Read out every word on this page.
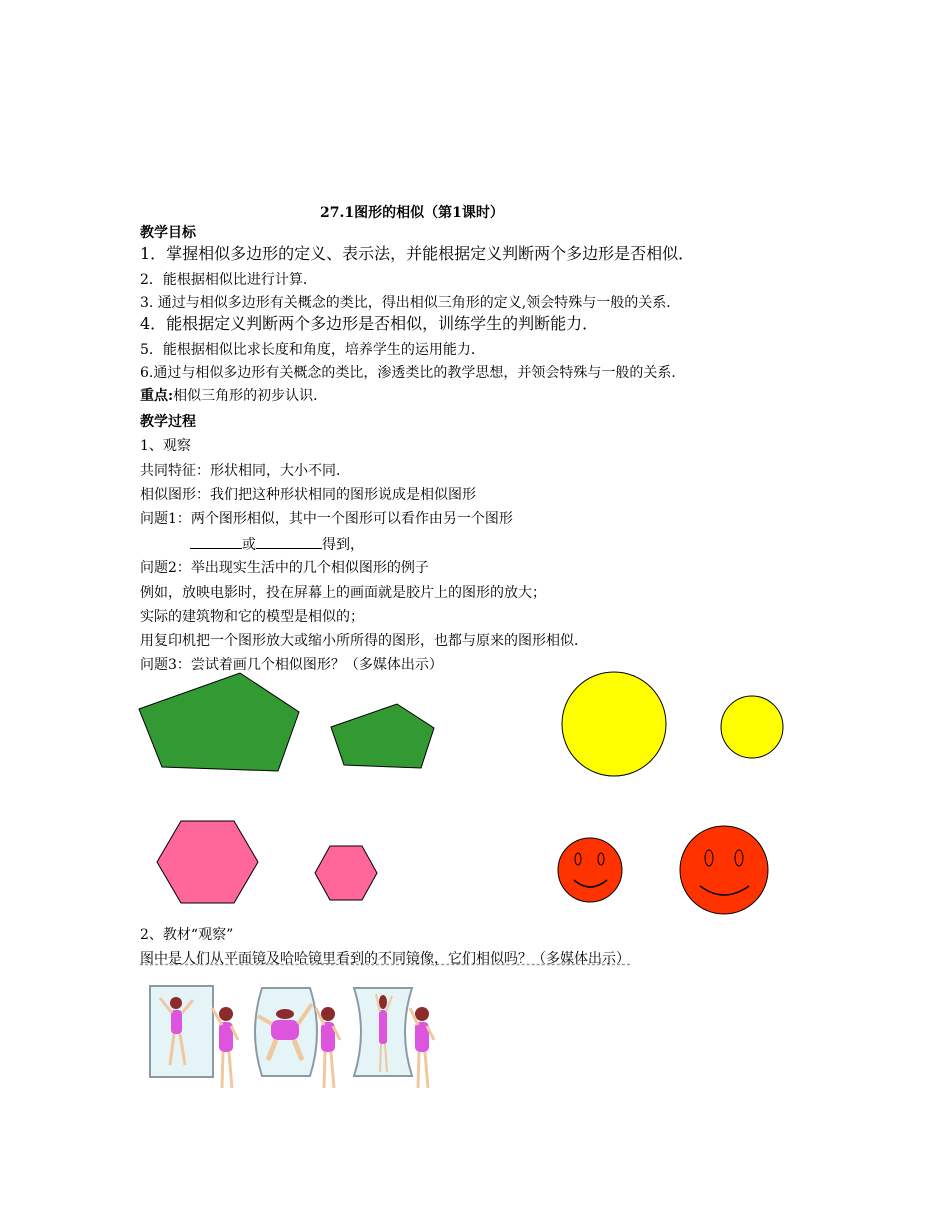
27.1图形的相似（第1课时）
教学目标
1．掌握相似多边形的定义、表示法，并能根据定义判断两个多边形是否相似．
2．能根据相似比进行计算．
3. 通过与相似多边形有关概念的类比，得出相似三角形的定义,领会特殊与一般的关系．
4．能根据定义判断两个多边形是否相似，训练学生的判断能力．
5．能根据相似比求长度和角度，培养学生的运用能力．
6.通过与相似多边形有关概念的类比，渗透类比的教学思想，并领会特殊与一般的关系．
重点:相似三角形的初步认识．
教学过程
1、观察
共同特征：形状相同，大小不同．
相似图形：我们把这种形状相同的图形说成是相似图形
问题1：两个图形相似，其中一个图形可以看作由另一个图形
或	得到，
问题2：举出现实生活中的几个相似图形的例子
例如，放映电影时，投在屏幕上的画面就是胶片上的图形的放大；
实际的建筑物和它的模型是相似的；
用复印机把一个图形放大或缩小所所得的图形，也都与原来的图形相似．
问题3：尝试着画几个相似图形？（多媒体出示）
2、教材“观察”
图中是人们从平面镜及哈哈镜里看到的不同镜像，它们相似吗？（多媒体出示）
